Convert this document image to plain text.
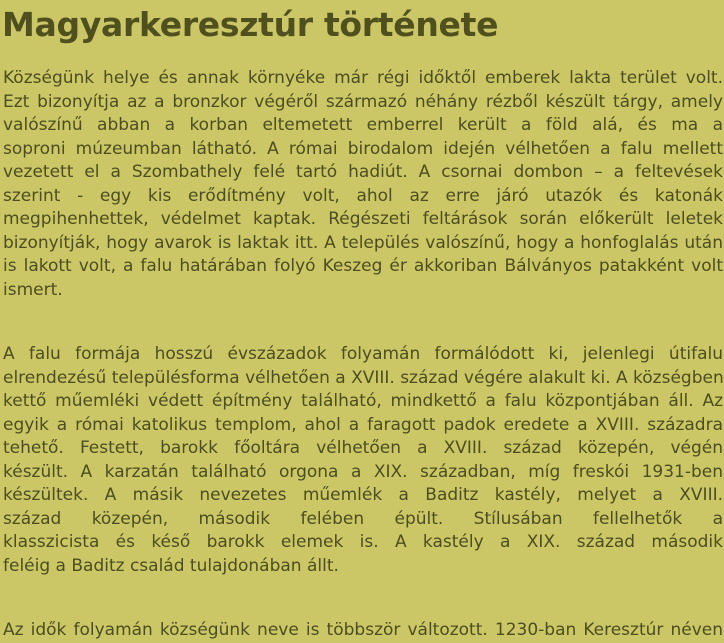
Magyarkeresztúr története
Községünk helye és annak környéke már régi időktől emberek lakta terület volt.
Ezt bizonyítja az a bronzkor végéről származó néhány rézből készült tárgy, amely
valószínű abban a korban eltemetett emberrel került a föld alá, és ma a
soproni múzeumban látható. A római birodalom idején vélhetően a falu mellett
vezetett el a Szombathely felé tartó hadiút. A csornai dombon – a feltevések
szerint - egy kis erődítmény volt, ahol az erre járó utazók és katonák
megpihenhettek, védelmet kaptak. Régészeti feltárások során előkerült leletek
bizonyítják, hogy avarok is laktak itt. A település valószínű, hogy a honfoglalás után
is lakott volt, a falu határában folyó Keszeg ér akkoriban Bálványos patakként volt
ismert.
A falu formája hosszú évszázadok folyamán formálódott ki, jelenlegi útifalu
elrendezésű településforma vélhetően a XVIII. század végére alakult ki. A községben
kettő műemléki védett építmény található, mindkettő a falu központjában áll. Az
egyik a római katolikus templom, ahol a faragott padok eredete a XVIII. századra
tehető. Festett, barokk főoltára vélhetően a XVIII. század közepén, végén
készült. A karzatán található orgona a XIX. században, míg freskói 1931-ben
készültek. A másik nevezetes műemlék a Baditz kastély, melyet a XVIII.
század közepén, második felében épült. Stílusában fellelhetők a
klasszicista és késő barokk elemek is. A kastély a XIX. század második
feléig a Baditz család tulajdonában állt.
Az idők folyamán községünk neve is többször változott. 1230-ban Keresztúr néven
